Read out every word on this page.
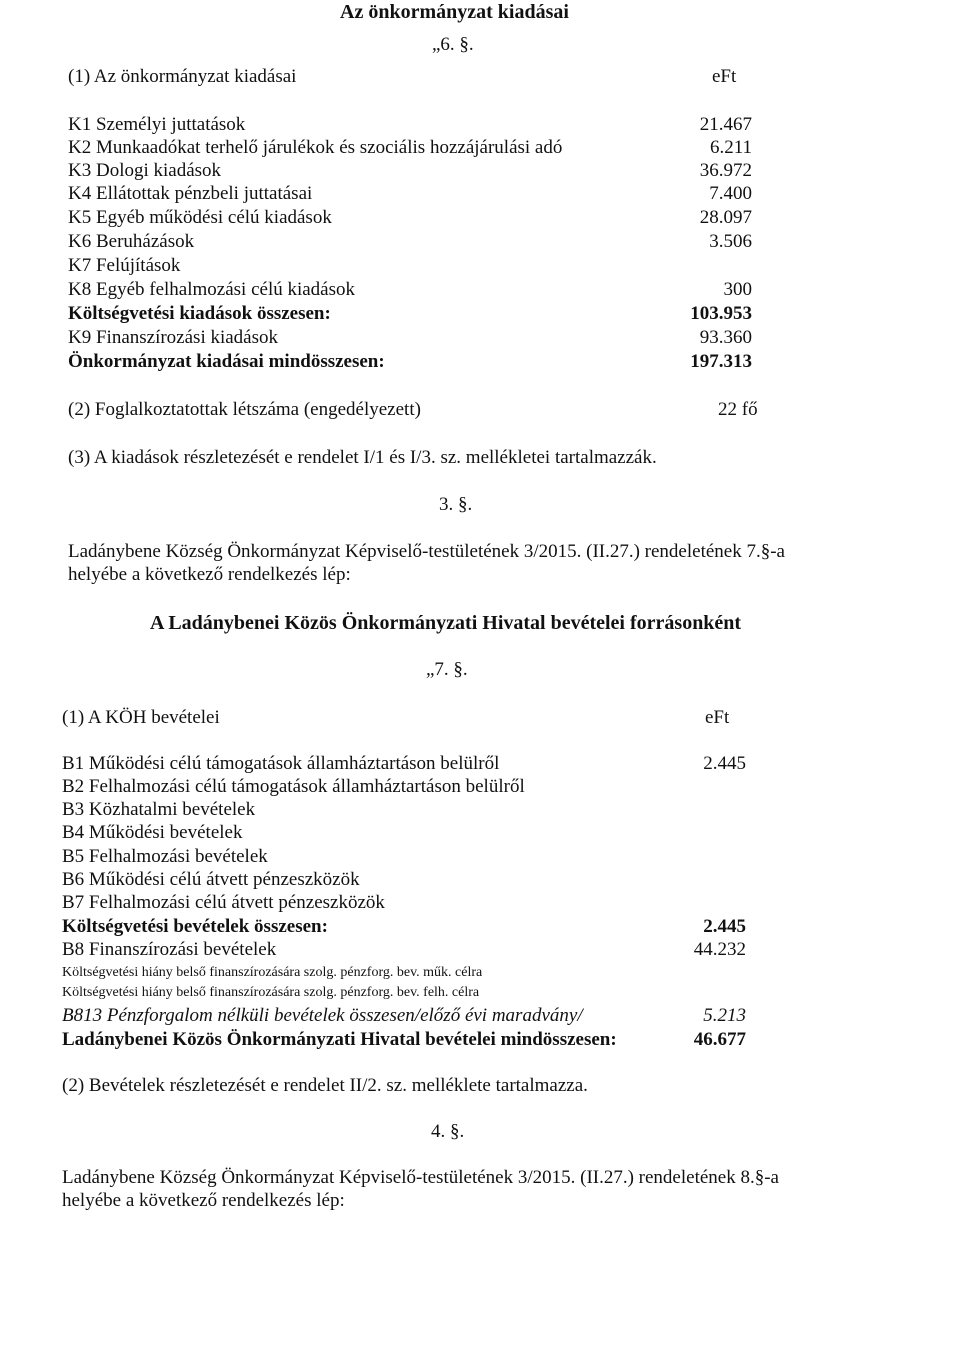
Az önkormányzat kiadásai
„6. §.
(1) Az önkormányzat kiadásai	eFt
K1 Személyi juttatások	21.467
K2 Munkaadókat terhelő járulékok és szociális hozzájárulási adó	6.211
K3 Dologi kiadások	36.972
K4 Ellátottak pénzbeli juttatásai	7.400
K5 Egyéb működési célú kiadások	28.097
K6 Beruházások	3.506
K7 Felújítások
K8 Egyéb felhalmozási célú kiadások	300
Költségvetési kiadások összesen:	103.953
K9 Finanszírozási kiadások	93.360
Önkormányzat kiadásai mindösszesen:	197.313
(2) Foglalkoztatottak létszáma (engedélyezett)	22 fő
(3) A kiadások részletezését e rendelet I/1 és I/3. sz. mellékletei tartalmazzák.
3. §.
Ladánybene Község Önkormányzat Képviselő-testületének 3/2015. (II.27.) rendeletének 7.§-a
helyébe a következő rendelkezés lép:
A Ladánybenei Közös Önkormányzati Hivatal bevételei forrásonként
„7. §.
(1) A KÖH bevételei	eFt
B1 Működési célú támogatások államháztartáson belülről	2.445
B2 Felhalmozási célú támogatások államháztartáson belülről
B3 Közhatalmi bevételek
B4 Működési bevételek
B5 Felhalmozási bevételek
B6 Működési célú átvett pénzeszközök
B7 Felhalmozási célú átvett pénzeszközök
Költségvetési bevételek összesen:	2.445
B8 Finanszírozási bevételek	44.232
Költségvetési hiány belső finanszírozására szolg. pénzforg. bev. műk. célra
Költségvetési hiány belső finanszírozására szolg. pénzforg. bev. felh. célra
B813 Pénzforgalom nélküli bevételek összesen/előző évi maradvány/	5.213
Ladánybenei Közös Önkormányzati Hivatal bevételei mindösszesen:	46.677
(2) Bevételek részletezését e rendelet II/2. sz. melléklete tartalmazza.
4. §.
Ladánybene Község Önkormányzat Képviselő-testületének 3/2015. (II.27.) rendeletének 8.§-a
helyébe a következő rendelkezés lép:
